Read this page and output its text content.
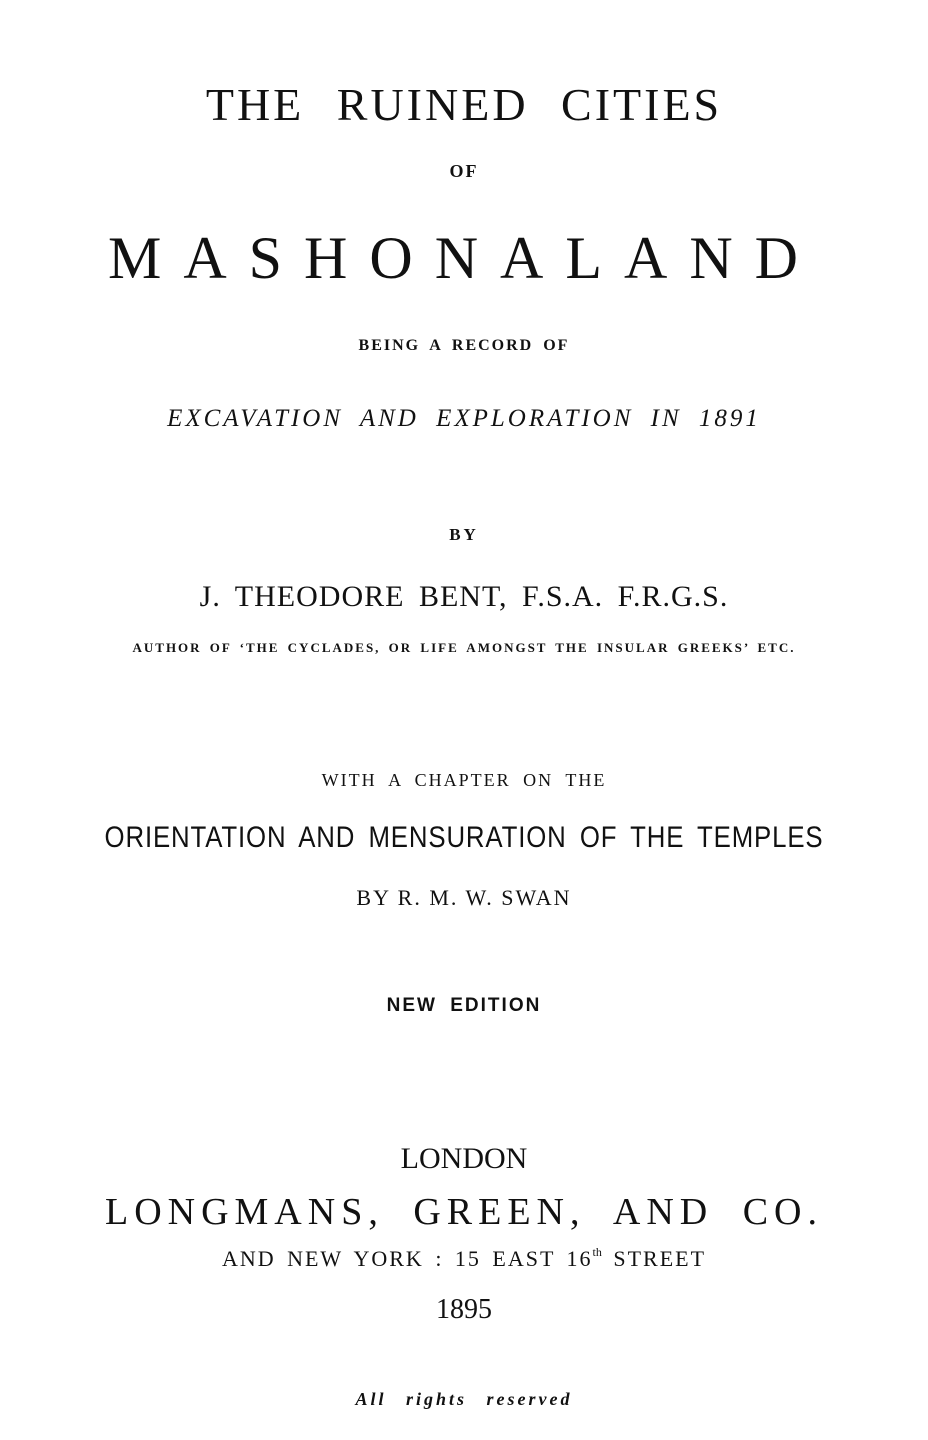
THE RUINED CITIES
OF
MASHONALAND
BEING A RECORD OF
EXCAVATION AND EXPLORATION IN 1891
BY
J. THEODORE BENT, F.S.A. F.R.G.S.
AUTHOR OF ‘THE CYCLADES, OR LIFE AMONGST THE INSULAR GREEKS’ ETC.
WITH A CHAPTER ON THE
ORIENTATION AND MENSURATION OF THE TEMPLES
BY R. M. W. SWAN
NEW EDITION
LONDON
LONGMANS, GREEN, AND CO.
AND NEW YORK : 15 EAST 16th STREET
1895
All rights reserved
